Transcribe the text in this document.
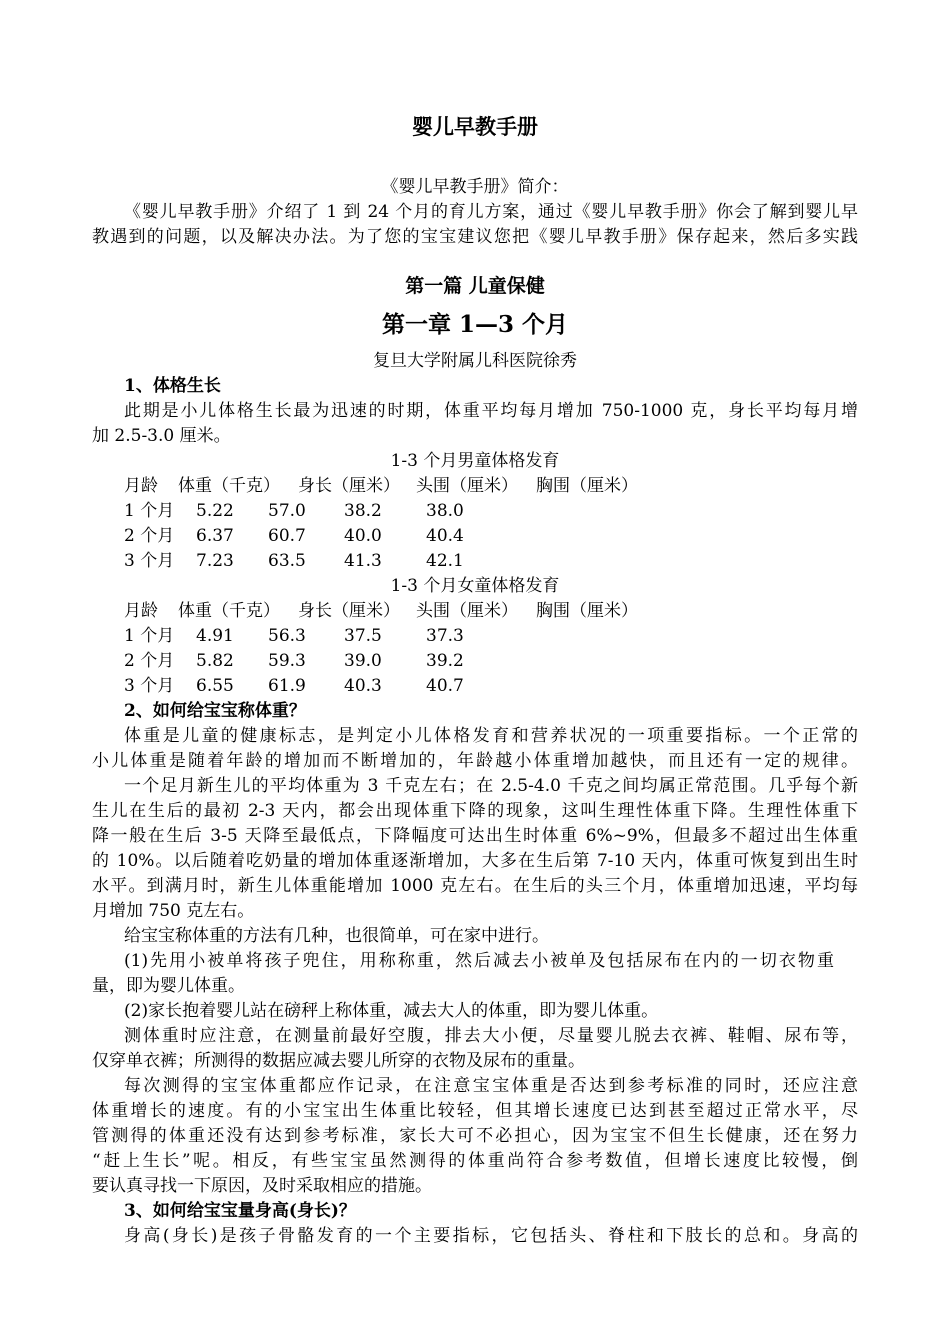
婴儿早教手册
《婴儿早教手册》简介：
《婴儿早教手册》介绍了 1 到 24 个月的育儿方案，通过《婴儿早教手册》你会了解到婴儿早
教遇到的问题，以及解决办法。为了您的宝宝建议您把《婴儿早教手册》保存起来，然后多实践
第一篇 儿童保健
第一章 1—3 个月
复旦大学附属儿科医院徐秀
1、体格生长
此期是小儿体格生长最为迅速的时期，体重平均每月增加 750-1000 克，身长平均每月增
加 2.5-3.0 厘米。
1-3 个月男童体格发育
月龄 体重（千克） 身长（厘米） 头围（厘米） 胸围（厘米）
1 个月 5.22 57.0 38.2	38.0
2 个月 6.37 60.7 40.0	40.4
3 个月 7.23 63.5 41.3	42.1
1-3 个月女童体格发育
月龄 体重（千克） 身长（厘米） 头围（厘米） 胸围（厘米）
1 个月 4.91 56.3 37.5	37.3
2 个月 5.82 59.3 39.0	39.2
3 个月 6.55 61.9 40.3	40.7
2、如何给宝宝称体重？
体重是儿童的健康标志，是判定小儿体格发育和营养状况的一项重要指标。一个正常的
小儿体重是随着年龄的增加而不断增加的，年龄越小体重增加越快，而且还有一定的规律。
一个足月新生儿的平均体重为 3 千克左右；在 2.5-4.0 千克之间均属正常范围。几乎每个新
生儿在生后的最初 2-3 天内，都会出现体重下降的现象，这叫生理性体重下降。生理性体重下
降一般在生后 3-5 天降至最低点，下降幅度可达出生时体重 6%~9%，但最多不超过出生体重
的 10%。以后随着吃奶量的增加体重逐渐增加，大多在生后第 7-10 天内，体重可恢复到出生时
水平。到满月时，新生儿体重能增加 1000 克左右。在生后的头三个月，体重增加迅速，平均每
月增加 750 克左右。
给宝宝称体重的方法有几种，也很简单，可在家中进行。
(1)先用小被单将孩子兜住，用称称重，然后减去小被单及包括尿布在内的一切衣物重
量，即为婴儿体重。
(2)家长抱着婴儿站在磅秤上称体重，减去大人的体重，即为婴儿体重。
测体重时应注意，在测量前最好空腹，排去大小便，尽量婴儿脱去衣裤、鞋帽、尿布等，
仅穿单衣裤；所测得的数据应减去婴儿所穿的衣物及尿布的重量。
每次测得的宝宝体重都应作记录，在注意宝宝体重是否达到参考标准的同时，还应注意
体重增长的速度。有的小宝宝出生体重比较轻，但其增长速度已达到甚至超过正常水平，尽
管测得的体重还没有达到参考标准，家长大可不必担心，因为宝宝不但生长健康，还在努力
“赶上生长”呢。相反，有些宝宝虽然测得的体重尚符合参考数值，但增长速度比较慢，倒
要认真寻找一下原因，及时采取相应的措施。
3、如何给宝宝量身高(身长)？
身高(身长)是孩子骨骼发育的一个主要指标，它包括头、脊柱和下肢长的总和。身高的
